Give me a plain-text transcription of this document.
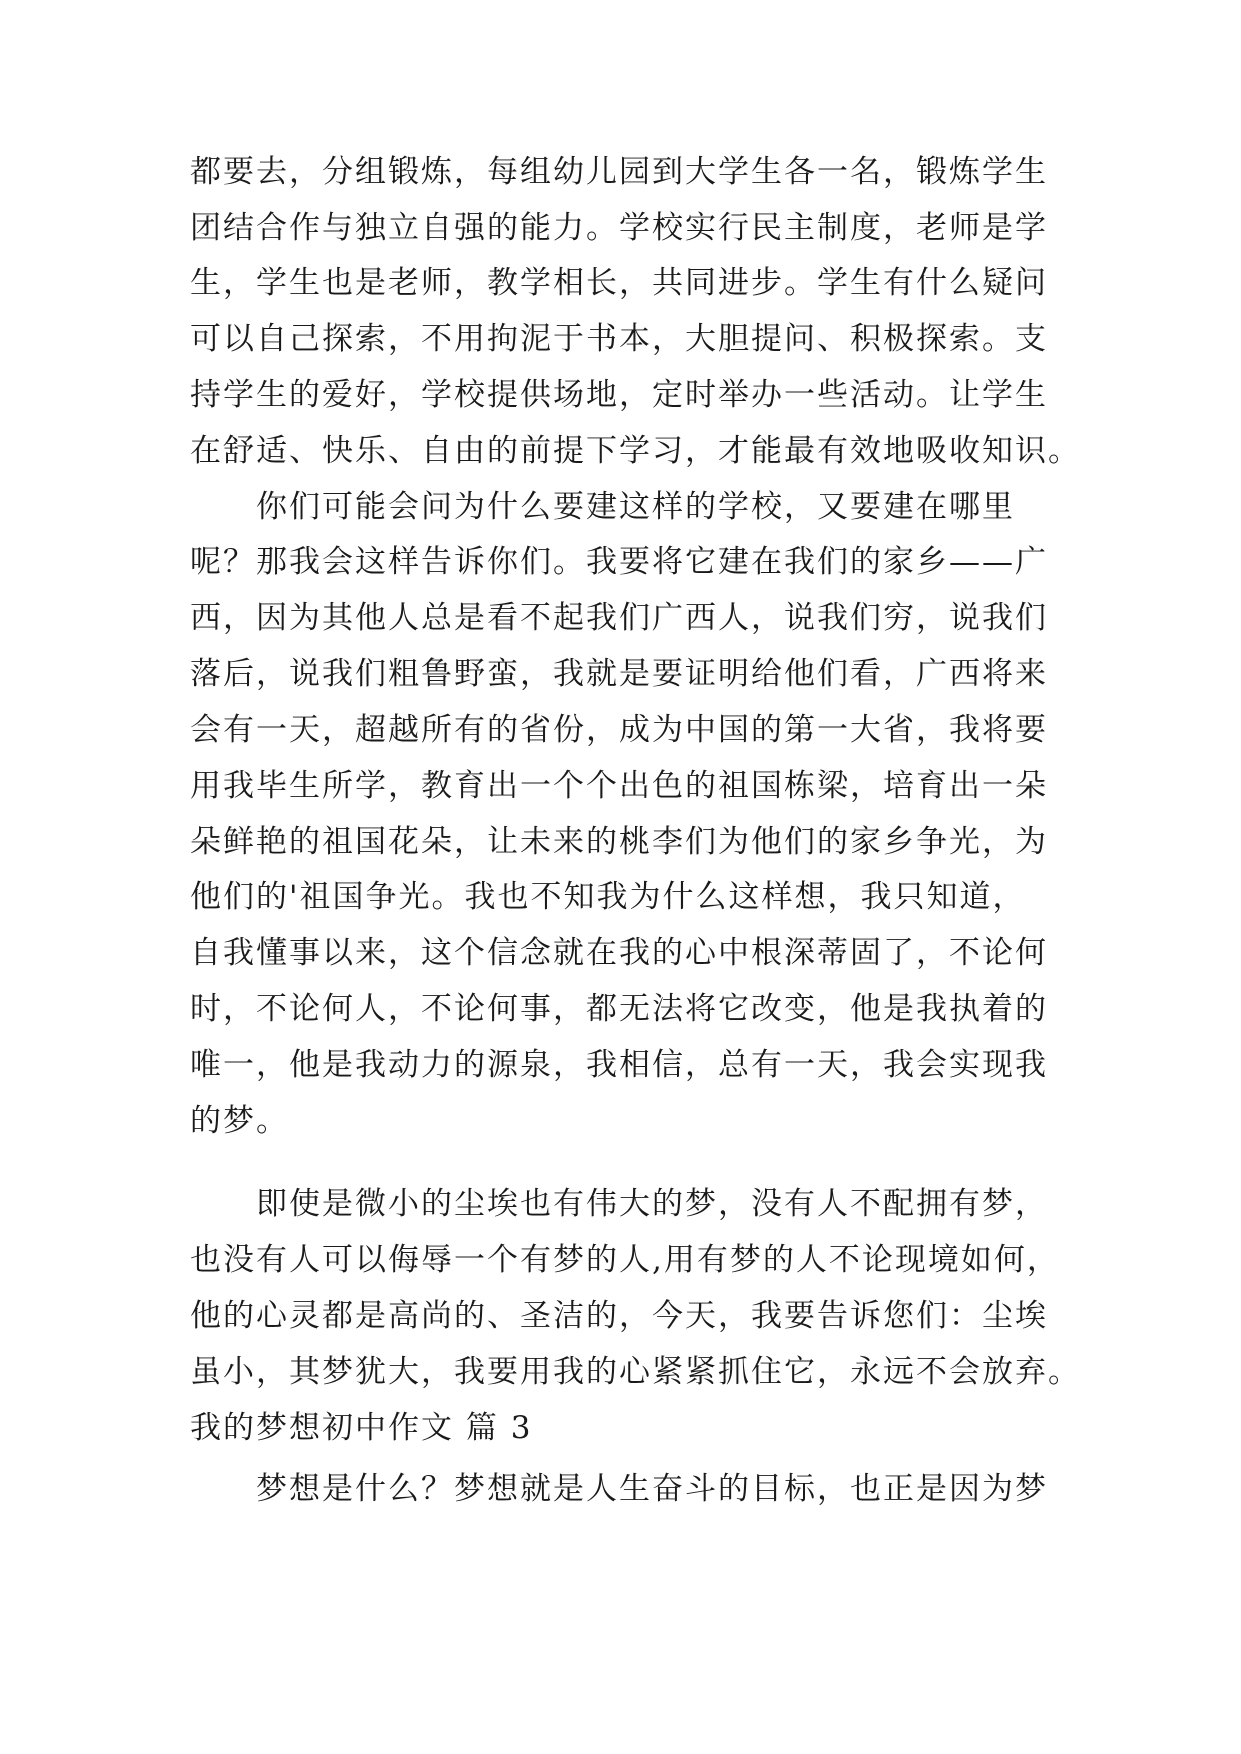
都要去，分组锻炼，每组幼儿园到大学生各一名，锻炼学生
团结合作与独立自强的能力。学校实行民主制度，老师是学
生，学生也是老师，教学相长，共同进步。学生有什么疑问
可以自己探索，不用拘泥于书本，大胆提问、积极探索。支
持学生的爱好，学校提供场地，定时举办一些活动。让学生
在舒适、快乐、自由的前提下学习，才能最有效地吸收知识。
你们可能会问为什么要建这样的学校，又要建在哪里
呢？那我会这样告诉你们。我要将它建在我们的家乡——广
西，因为其他人总是看不起我们广西人，说我们穷，说我们
落后，说我们粗鲁野蛮，我就是要证明给他们看，广西将来
会有一天，超越所有的省份，成为中国的第一大省，我将要
用我毕生所学，教育出一个个出色的祖国栋梁，培育出一朵
朵鲜艳的祖国花朵，让未来的桃李们为他们的家乡争光，为
他们的'祖国争光。我也不知我为什么这样想，我只知道，
自我懂事以来，这个信念就在我的心中根深蒂固了，不论何
时，不论何人，不论何事，都无法将它改变，他是我执着的
唯一，他是我动力的源泉，我相信，总有一天，我会实现我
的梦。
即使是微小的尘埃也有伟大的梦，没有人不配拥有梦，
也没有人可以侮辱一个有梦的人,用有梦的人不论现境如何，
他的心灵都是高尚的、圣洁的，今天，我要告诉您们：尘埃
虽小，其梦犹大，我要用我的心紧紧抓住它，永远不会放弃。
我的梦想初中作文 篇 3
梦想是什么？梦想就是人生奋斗的目标，也正是因为梦
